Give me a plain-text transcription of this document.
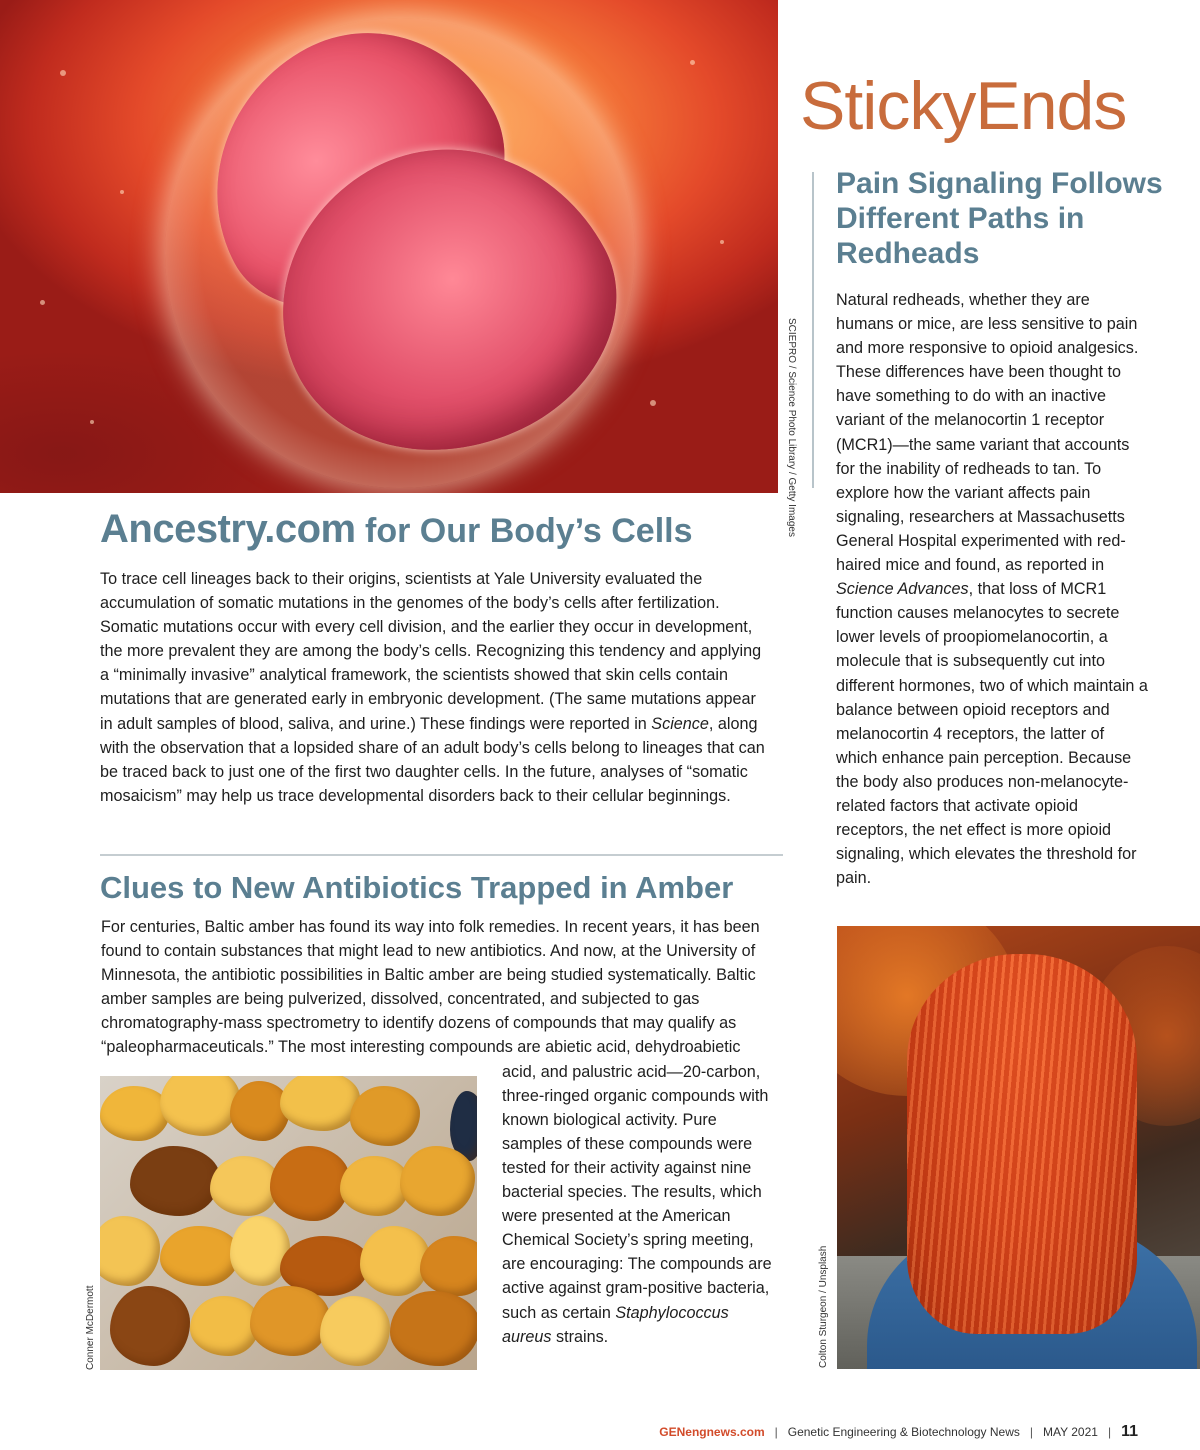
SCIEPRO / Science Photo Library / Getty Images
StickyEnds
Pain Signaling Follows Different Paths in Redheads

Natural redheads, whether they are humans or mice, are less sensitive to pain and more responsive to opioid analgesics. These differences have been thought to have something to do with an inactive variant of the melanocortin 1 receptor (MCR1)—the same variant that accounts for the inability of redheads to tan. To explore how the variant affects pain signaling, researchers at Massachusetts General Hospital experimented with red-haired mice and found, as reported in Science Advances, that loss of MCR1 function causes melanocytes to secrete lower levels of proopiomelanocortin, a molecule that is subsequently cut into different hormones, two of which maintain a balance between opioid receptors and melanocortin 4 receptors, the latter of which enhance pain perception. Because the body also produces non-melanocyte-related factors that activate opioid receptors, the net effect is more opioid signaling, which elevates the threshold for pain.

Colton Sturgeon / Unsplash
Ancestry.com for Our Body’s Cells

To trace cell lineages back to their origins, scientists at Yale University evaluated the accumulation of somatic mutations in the genomes of the body’s cells after fertilization. Somatic mutations occur with every cell division, and the earlier they occur in development, the more prevalent they are among the body’s cells. Recognizing this tendency and applying a “minimally invasive” analytical framework, the scientists showed that skin cells contain mutations that are generated early in embryonic development. (The same mutations appear in adult samples of blood, saliva, and urine.) These findings were reported in Science, along with the observation that a lopsided share of an adult body’s cells belong to lineages that can be traced back to just one of the first two daughter cells. In the future, analyses of “somatic mosaicism” may help us trace developmental disorders back to their cellular beginnings.

Clues to New Antibiotics Trapped in Amber

For centuries, Baltic amber has found its way into folk remedies. In recent years, it has been found to contain substances that might lead to new antibiotics. And now, at the University of Minnesota, the antibiotic possibilities in Baltic amber are being studied systematically. Baltic amber samples are being pulverized, dissolved, concentrated, and subjected to gas chromatography-mass spectrometry to identify dozens of compounds that may qualify as “paleopharmaceuticals.” The most interesting compounds are abietic acid, dehydroabietic acid, and palustric acid—20-carbon, three-ringed organic compounds with known biological activity. Pure samples of these compounds were tested for their activity against nine bacterial species. The results, which were presented at the American Chemical Society’s spring meeting, are encouraging: The compounds are active against gram-positive bacteria, such as certain Staphylococcus aureus strains.

Conner McDermott
GENengnews.com | Genetic Engineering & Biotechnology News | MAY 2021 | 11
